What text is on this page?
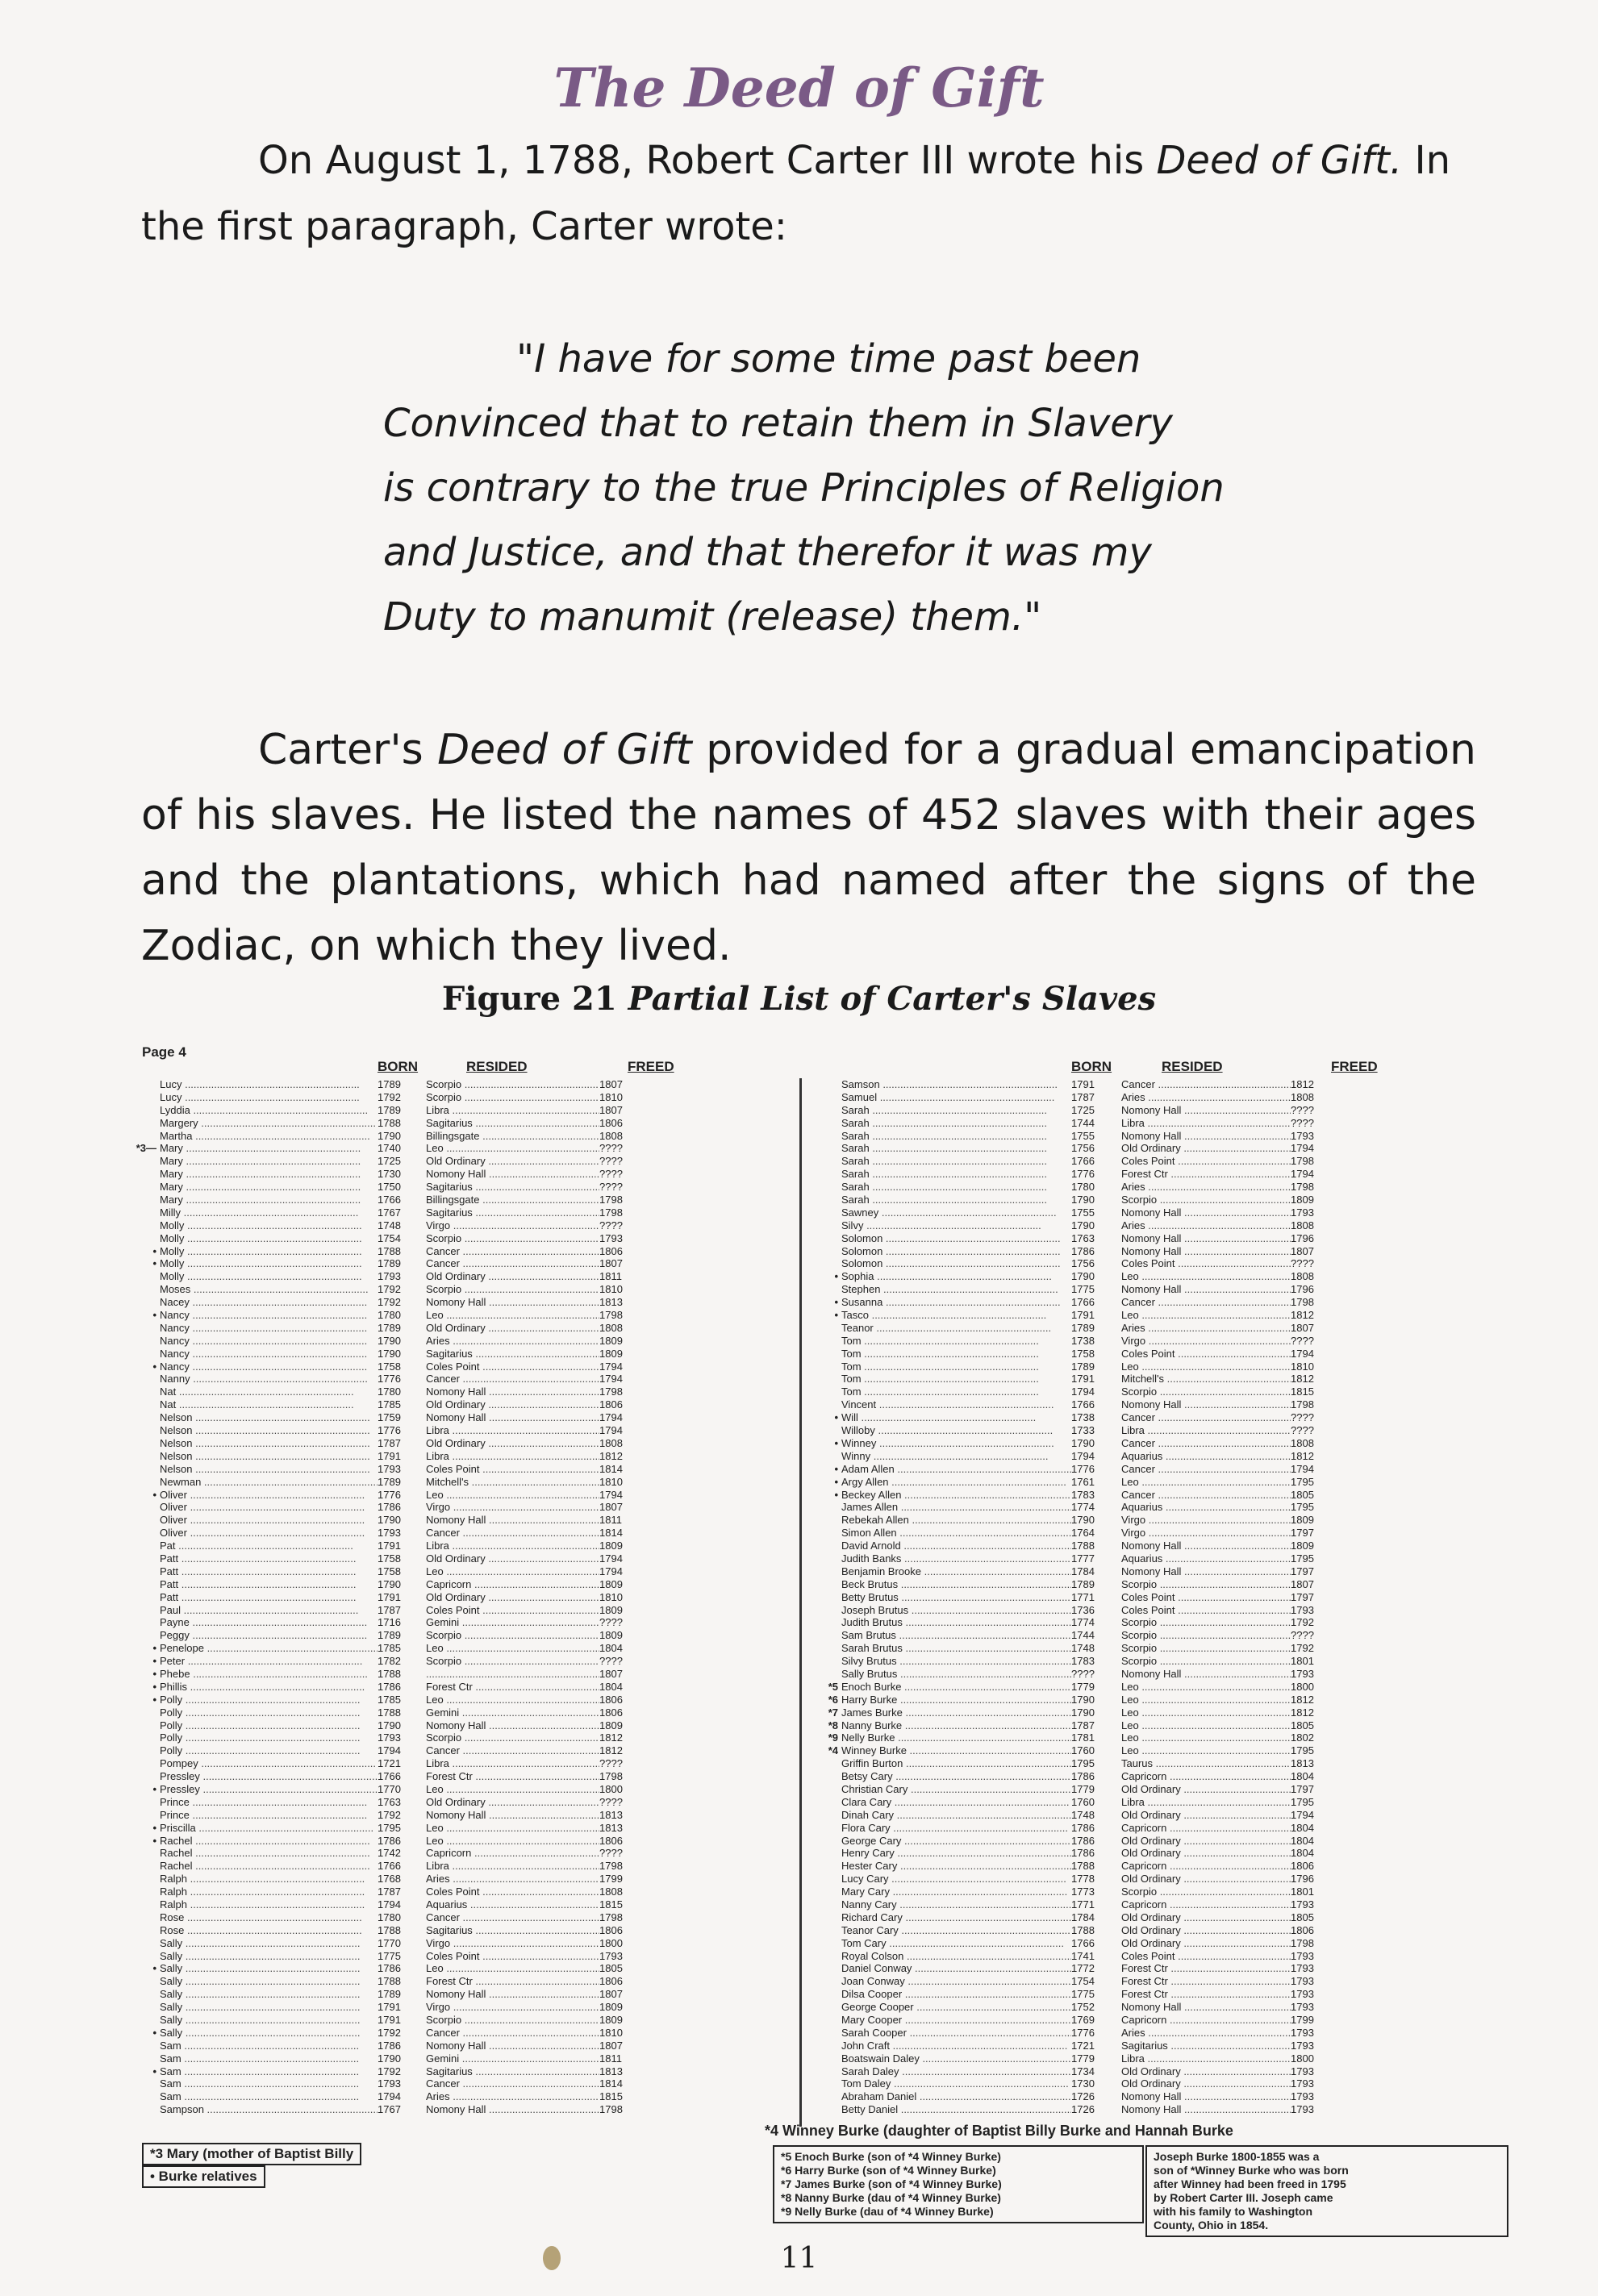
The Deed of Gift
On August 1, 1788, Robert Carter III wrote his Deed of Gift. In the first paragraph, Carter wrote:
"I have for some time past been
Convinced that to retain them in Slavery
is contrary to the true Principles of Religion
and Justice, and that therefor it was my
Duty to manumit (release) them."
Carter's Deed of Gift provided for a gradual emancipation of his slaves. He listed the names of 452 slaves with their ages and the plantations, which had named after the signs of the Zodiac, on which they lived.
Figure 21 Partial List of Carter's Slaves
Page 4
BORN	RESIDED	FREED
Lucy .....	1789	Scorpio .....	1807
Lucy .....	1792	Scorpio .....	1810
Lyddia .....	1789	Libra .....	1807
Margery .....	1788	Sagitarius .....	1806
Martha .....	1790	Billingsgate .....	1808
*3— Mary .....	1740	Leo .....	????
Mary .....	1725	Old Ordinary .....	????
Mary .....	1730	Nomony Hall .....	????
Mary .....	1750	Sagitarius .....	????
Mary .....	1766	Billingsgate .....	1798
Milly .....	1767	Sagitarius .....	1798
Molly .....	1748	Virgo .....	????
Molly .....	1754	Scorpio .....	1793
• Molly .....	1788	Cancer .....	1806
• Molly .....	1789	Cancer .....	1807
Molly .....	1793	Old Ordinary .....	1811
Moses .....	1792	Scorpio .....	1810
Nacey .....	1792	Nomony Hall .....	1813
• Nancy .....	1780	Leo .....	1798
Nancy .....	1789	Old Ordinary .....	1808
Nancy .....	1790	Aries .....	1809
Nancy .....	1790	Sagitarius .....	1809
• Nancy .....	1758	Coles Point .....	1794
Nanny .....	1776	Cancer .....	1794
Nat .....	1780	Nomony Hall .....	1798
Nat .....	1785	Old Ordinary .....	1806
Nelson .....	1759	Nomony Hall .....	1794
Nelson .....	1776	Libra .....	1794
Nelson .....	1787	Old Ordinary .....	1808
Nelson .....	1791	Libra .....	1812
Nelson .....	1793	Coles Point .....	1814
Newman .....	1789	Mitchell's .....	1810
• Oliver .....	1776	Leo .....	1794
Oliver .....	1786	Virgo .....	1807
Oliver .....	1790	Nomony Hall .....	1811
Oliver .....	1793	Cancer .....	1814
Pat .....	1791	Libra .....	1809
Patt .....	1758	Old Ordinary .....	1794
Patt .....	1758	Leo .....	1794
Patt .....	1790	Capricorn .....	1809
Patt .....	1791	Old Ordinary .....	1810
Paul .....	1787	Coles Point .....	1809
Payne .....	1716	Gemini .....	????
Peggy .....	1789	Scorpio .....	1809
• Penelope .....	1785	Leo .....	1804
• Peter .....	1782	Scorpio .....	????
• Phebe .....	1788 .....	1807
• Phillis .....	1786	Forest Ctr .....	1804
• Polly .....	1785	Leo .....	1806
Polly .....	1788	Gemini .....	1806
Polly .....	1790	Nomony Hall .....	1809
Polly .....	1793	Scorpio .....	1812
Polly .....	1794	Cancer .....	1812
Pompey .....	1721	Libra .....	????
Pressley .....	1766	Forest Ctr .....	1798
• Pressley .....	1770	Leo .....	1800
Prince .....	1763	Old Ordinary .....	????
Prince .....	1792	Nomony Hall .....	1813
• Priscilla .....	1795	Leo .....	1813
• Rachel .....	1786	Leo .....	1806
Rachel .....	1742	Capricorn .....	????
Rachel .....	1766	Libra .....	1798
Ralph .....	1768	Aries .....	1799
Ralph .....	1787	Coles Point .....	1808
Ralph .....	1794	Aquarius .....	1815
Rose .....	1780	Cancer .....	1798
Rose .....	1788	Sagitarius .....	1806
Sally .....	1770	Virgo .....	1800
Sally .....	1775	Coles Point .....	1793
• Sally .....	1786	Leo .....	1805
Sally .....	1788	Forest Ctr .....	1806
Sally .....	1789	Nomony Hall .....	1807
Sally .....	1791	Virgo .....	1809
Sally .....	1791	Scorpio .....	1809
• Sally .....	1792	Cancer .....	1810
Sam .....	1786	Nomony Hall .....	1807
Sam .....	1790	Gemini .....	1811
• Sam .....	1792	Sagitarius .....	1813
Sam .....	1793	Cancer .....	1814
Sam .....	1794	Aries .....	1815
Sampson .....	1767	Nomony Hall .....	1798
BORN	RESIDED	FREED
Samson .....	1791	Cancer .....	1812
Samuel .....	1787	Aries .....	1808
Sarah .....	1725	Nomony Hall .....	????
Sarah .....	1744	Libra .....	????
Sarah .....	1755	Nomony Hall .....	1793
Sarah .....	1756	Old Ordinary .....	1794
Sarah .....	1766	Coles Point .....	1798
Sarah .....	1776	Forest Ctr .....	1794
Sarah .....	1780	Aries .....	1798
Sarah .....	1790	Scorpio .....	1809
Sawney .....	1755	Nomony Hall .....	1793
Silvy .....	1790	Aries .....	1808
Solomon .....	1763	Nomony Hall .....	1796
Solomon .....	1786	Nomony Hall .....	1807
Solomon .....	1756	Coles Point .....	????
• Sophia .....	1790	Leo .....	1808
Stephen .....	1775	Nomony Hall .....	1796
• Susanna .....	1766	Cancer .....	1798
• Tasco .....	1791	Leo .....	1812
Teanor .....	1789	Aries .....	1807
Tom .....	1738	Virgo .....	????
Tom .....	1758	Coles Point .....	1794
Tom .....	1789	Leo .....	1810
Tom .....	1791	Mitchell's .....	1812
Tom .....	1794	Scorpio .....	1815
Vincent .....	1766	Nomony Hall .....	1798
• Will .....	1738	Cancer .....	????
Willoby .....	1733	Libra .....	????
• Winney .....	1790	Cancer .....	1808
Winny .....	1794	Aquarius .....	1812
• Adam Allen .....	1776	Cancer .....	1794
• Argy Allen .....	1761	Leo .....	1795
• Beckey Allen .....	1783	Cancer .....	1805
James Allen .....	1774	Aquarius .....	1795
Rebekah Allen .....	1790	Virgo .....	1809
Simon Allen .....	1764	Virgo .....	1797
David Arnold .....	1788	Nomony Hall .....	1809
Judith Banks .....	1777	Aquarius .....	1795
Benjamin Brooke .....	1784	Nomony Hall .....	1797
Beck Brutus .....	1789	Scorpio .....	1807
Betty Brutus .....	1771	Coles Point .....	1797
Joseph Brutus .....	1736	Coles Point .....	1793
Judith Brutus .....	1774	Scorpio .....	1792
Sam Brutus .....	1744	Scorpio .....	????
Sarah Brutus .....	1748	Scorpio .....	1792
Silvy Brutus .....	1783	Scorpio .....	1801
Sally Brutus .....	????	Nomony Hall .....	1793
*5 Enoch Burke .....	1779	Leo .....	1800
*6 Harry Burke .....	1790	Leo .....	1812
*7 James Burke .....	1790	Leo .....	1812
*8 Nanny Burke .....	1787	Leo .....	1805
*9 Nelly Burke .....	1781	Leo .....	1802
*4 Winney Burke .....	1760	Leo .....	1795
Griffin Burton .....	1795	Taurus .....	1813
Betsy Cary .....	1786	Capricorn .....	1804
Christian Cary .....	1779	Old Ordinary .....	1797
Clara Cary .....	1760	Libra .....	1795
Dinah Cary .....	1748	Old Ordinary .....	1794
Flora Cary .....	1786	Capricorn .....	1804
George Cary .....	1786	Old Ordinary .....	1804
Henry Cary .....	1786	Old Ordinary .....	1804
Hester Cary .....	1788	Capricorn .....	1806
Lucy Cary .....	1778	Old Ordinary .....	1796
Mary Cary .....	1773	Scorpio .....	1801
Nanny Cary .....	1771	Capricorn .....	1793
Richard Cary .....	1784	Old Ordinary .....	1805
Teanor Cary .....	1788	Old Ordinary .....	1806
Tom Cary .....	1766	Old Ordinary .....	1798
Royal Colson .....	1741	Coles Point .....	1793
Daniel Conway .....	1772	Forest Ctr .....	1793
Joan Conway .....	1754	Forest Ctr .....	1793
Dilsa Cooper .....	1775	Forest Ctr .....	1793
George Cooper .....	1752	Nomony Hall .....	1793
Mary Cooper .....	1769	Capricorn .....	1799
Sarah Cooper .....	1776	Aries .....	1793
John Craft .....	1721	Sagitarius .....	1793
Boatswain Daley .....	1779	Libra .....	1800
Sarah Daley .....	1734	Old Ordinary .....	1793
Tom Daley .....	1730	Old Ordinary .....	1793
Abraham Daniel .....	1726	Nomony Hall .....	1793
Betty Daniel .....	1726	Nomony Hall .....	1793
*4 Winney Burke (daughter of Baptist Billy Burke and Hannah Burke
*3 Mary (mother of Baptist Billy
• Burke relatives
*5 Enoch Burke (son of *4 Winney Burke)
*6 Harry Burke (son of *4 Winney Burke)
*7 James Burke (son of *4 Winney Burke)
*8 Nanny Burke (dau of *4 Winney Burke)
*9 Nelly Burke (dau of *4 Winney Burke)
Joseph Burke 1800-1855 was a
son of *Winney Burke who was born
after Winney had been freed in 1795
by Robert Carter III. Joseph came
with his family to Washington
County, Ohio in 1854.
11
